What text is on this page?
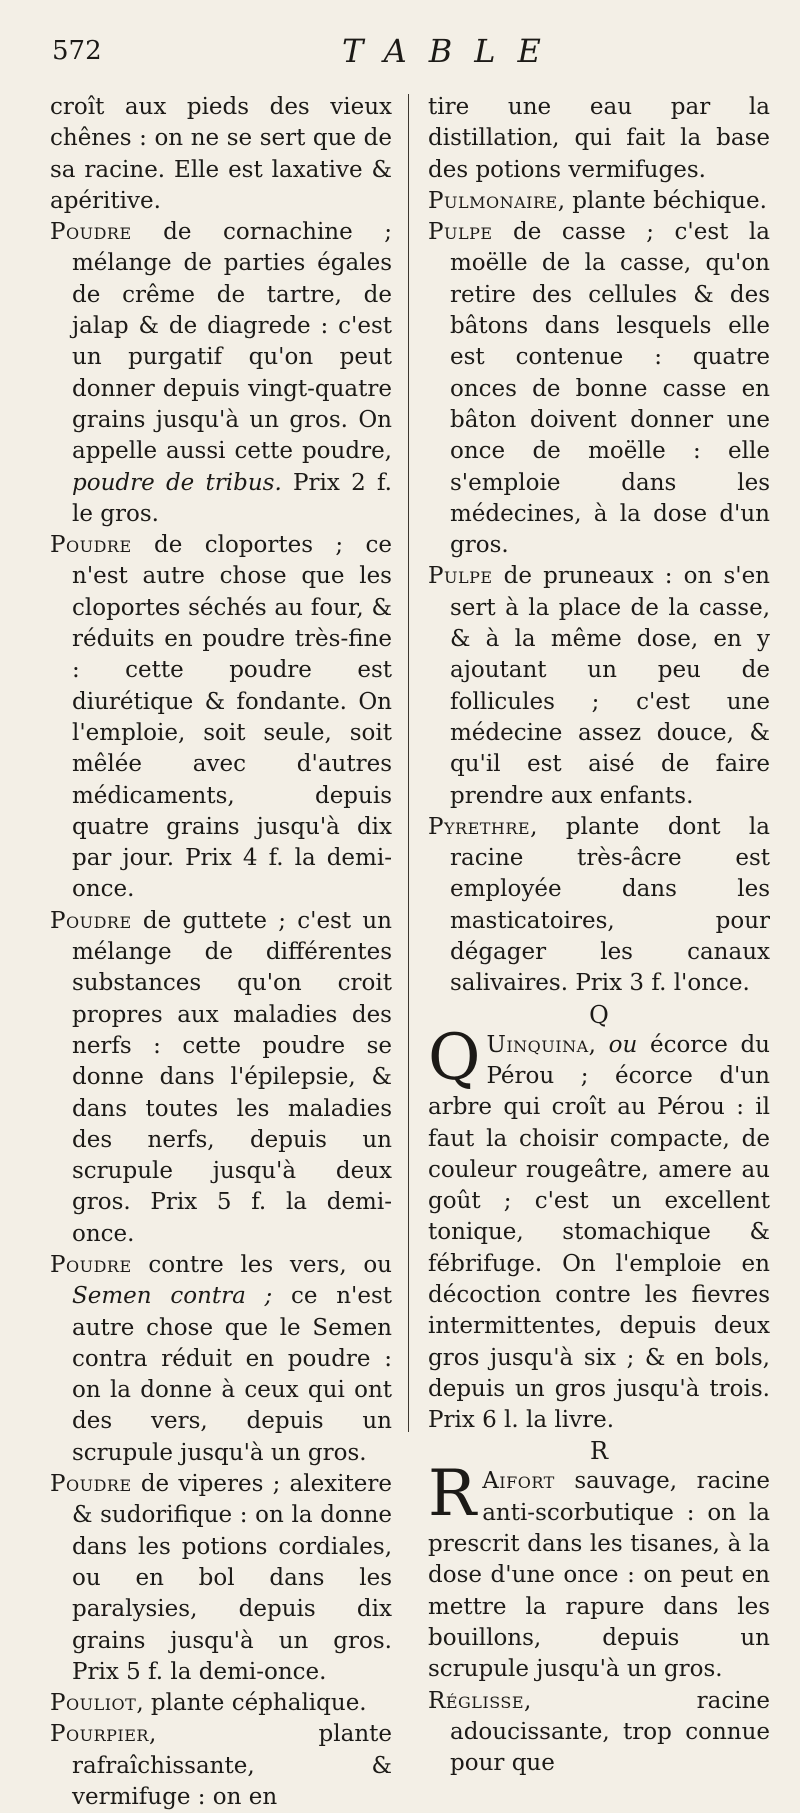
572	TABLE

croît aux pieds des vieux chênes : on ne se sert que de sa racine. Elle est laxative & apéritive.

Poudre de cornachine ; mélange de parties égales de crême de tartre, de jalap & de diagrede : c'est un purgatif qu'on peut donner depuis vingt-quatre grains jusqu'à un gros. On appelle aussi cette poudre, poudre de tribus. Prix 2 f. le gros.

Poudre de cloportes ; ce n'est autre chose que les cloportes séchés au four, & réduits en poudre très-fine : cette poudre est diurétique & fondante. On l'emploie, soit seule, soit mêlée avec d'autres médicaments, depuis quatre grains jusqu'à dix par jour. Prix 4 f. la demi-once.

Poudre de guttete ; c'est un mélange de différentes substances qu'on croit propres aux maladies des nerfs : cette poudre se donne dans l'épilepsie, & dans toutes les maladies des nerfs, depuis un scrupule jusqu'à deux gros. Prix 5 f. la demi-once.

Poudre contre les vers, ou Semen contra ; ce n'est autre chose que le Semen contra réduit en poudre : on la donne à ceux qui ont des vers, depuis un scrupule jusqu'à un gros.

Poudre de viperes ; alexitere & sudorifique : on la donne dans les potions cordiales, ou en bol dans les paralysies, depuis dix grains jusqu'à un gros. Prix 5 f. la demi-once.

Pouliot, plante céphalique.

Pourpier, plante rafraîchissante, & vermifuge : on en

tire une eau par la distillation, qui fait la base des potions vermifuges.

Pulmonaire, plante béchique.

Pulpe de casse ; c'est la moëlle de la casse, qu'on retire des cellules & des bâtons dans lesquels elle est contenue : quatre onces de bonne casse en bâton doivent donner une once de moëlle : elle s'emploie dans les médecines, à la dose d'un gros.

Pulpe de pruneaux : on s'en sert à la place de la casse, & à la même dose, en y ajoutant un peu de follicules ; c'est une médecine assez douce, & qu'il est aisé de faire prendre aux enfants.

Pyrethre, plante dont la racine très-âcre est employée dans les masticatoires, pour dégager les canaux salivaires. Prix 3 f. l'once.

Q

Q Uinquina, ou écorce du Pérou ; écorce d'un arbre qui croît au Pérou : il faut la choisir compacte, de couleur rougeâtre, amere au goût ; c'est un excellent tonique, stomachique & fébrifuge. On l'emploie en décoction contre les fievres intermittentes, depuis deux gros jusqu'à six ; & en bols, depuis un gros jusqu'à trois. Prix 6 l. la livre.

R

R Aifort sauvage, racine anti-scorbutique : on la prescrit dans les tisanes, à la dose d'une once : on peut en mettre la rapure dans les bouillons, depuis un scrupule jusqu'à un gros.

Réglisse, racine adoucissante, trop connue pour que
